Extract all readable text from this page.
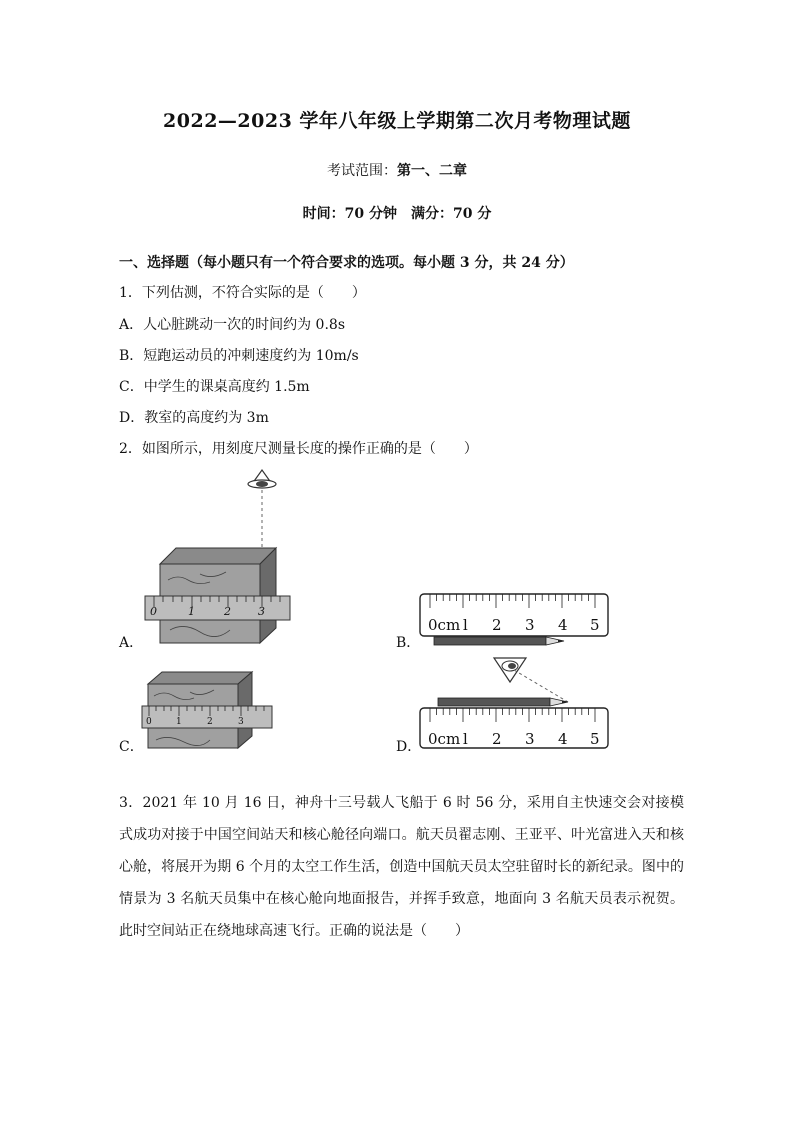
2022—2023 学年八年级上学期第二次月考物理试题
考试范围：第一、二章
时间：70 分钟　满分：70 分
一、选择题（每小题只有一个符合要求的选项。每小题 3 分，共 24 分）
1．下列估测，不符合实际的是（　　）
A．人心脏跳动一次的时间约为 0.8s
B．短跑运动员的冲刺速度约为 10m/s
C．中学生的课桌高度约 1.5m
D．教室的高度约为 3m
2．如图所示，用刻度尺测量长度的操作正确的是（　　）
0	1	2 3
A．
0cm l 2 3 4 5
B．
0	1	2	3
C．	0cm l 2 3 4 5
D．
3．2021 年 10 月 16 日，神舟十三号载人飞船于 6 时 56 分，采用自主快速交会对接模式成功对接于中国空间站天和核心舱径向端口。航天员翟志刚、王亚平、叶光富进入天和核心舱，将展开为期 6 个月的太空工作生活，创造中国航天员太空驻留时长的新纪录。图中的情景为 3 名航天员集中在核心舱向地面报告，并挥手致意，地面向 3 名航天员表示祝贺。此时空间站正在绕地球高速飞行。正确的说法是（　　）
